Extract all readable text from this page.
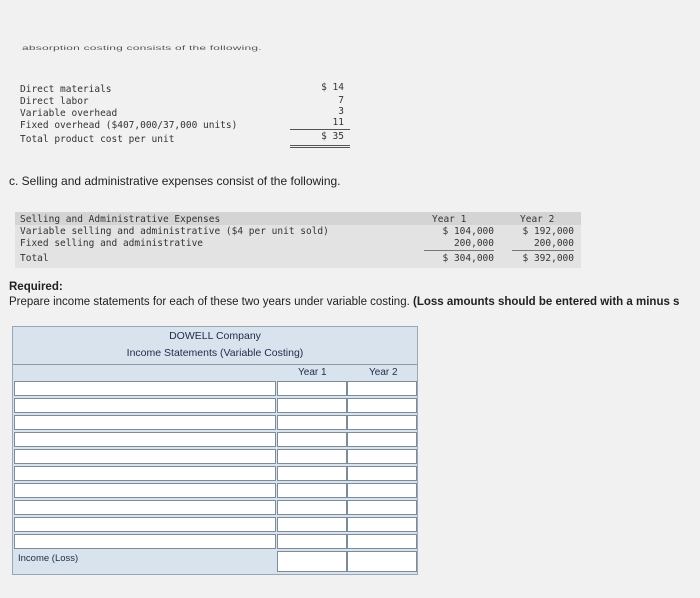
absorption costing consists of the following.
Direct materials	$ 14
Direct labor	7
Variable overhead	3
Fixed overhead ($407,000/37,000 units)	11
Total product cost per unit	$ 35
c. Selling and administrative expenses consist of the following.
Selling and Administrative Expenses	Year 1	Year 2
Variable selling and administrative ($4 per unit sold)	$ 104,000	$ 192,000
Fixed selling and administrative	200,000	200,000
Total	$ 304,000	$ 392,000
Required:
Prepare income statements for each of these two years under variable costing. (Loss amounts should be entered with a minus s
DOWELL Company
Income Statements (Variable Costing)
Year 1	Year 2
Income (Loss)
